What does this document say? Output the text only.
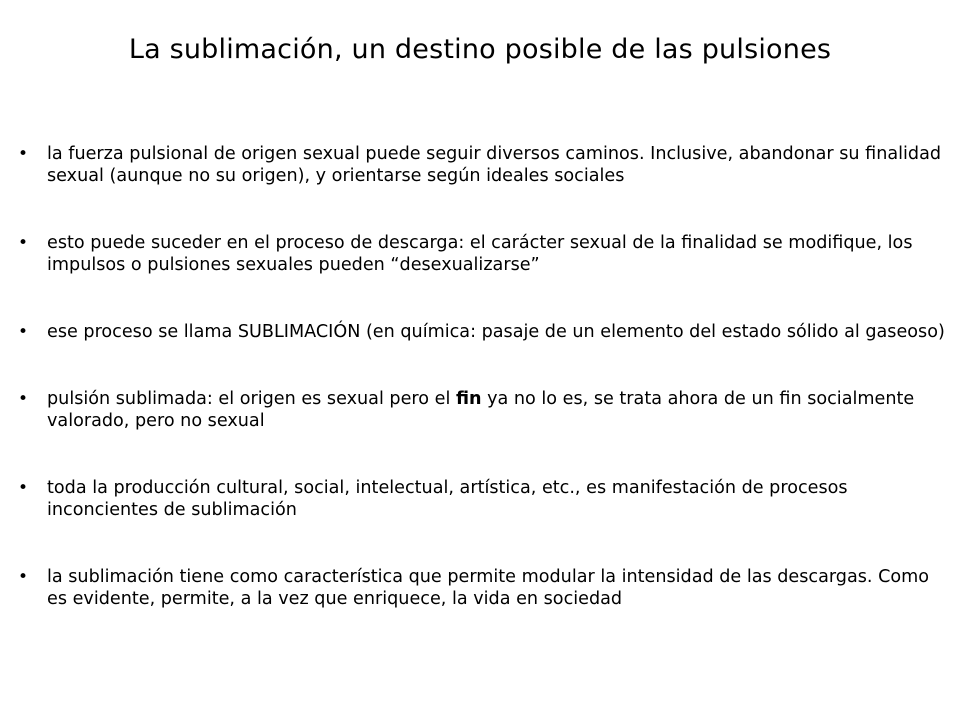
La sublimación, un destino posible de las pulsiones
• la fuerza pulsional de origen sexual puede seguir diversos caminos. Inclusive, abandonar su finalidad sexual (aunque no su origen), y orientarse según ideales sociales
• esto puede suceder en el proceso de descarga: el carácter sexual de la finalidad se modifique, los impulsos o pulsiones sexuales pueden “desexualizarse”
• ese proceso se llama SUBLIMACIÓN (en química: pasaje de un elemento del estado sólido al gaseoso)
• pulsión sublimada: el origen es sexual pero el fin ya no lo es, se trata ahora de un fin socialmente valorado, pero no sexual
• toda la producción cultural, social, intelectual, artística, etc., es manifestación de procesos inconcientes de sublimación
• la sublimación tiene como característica que permite modular la intensidad de las descargas. Como es evidente, permite, a la vez que enriquece, la vida en sociedad
